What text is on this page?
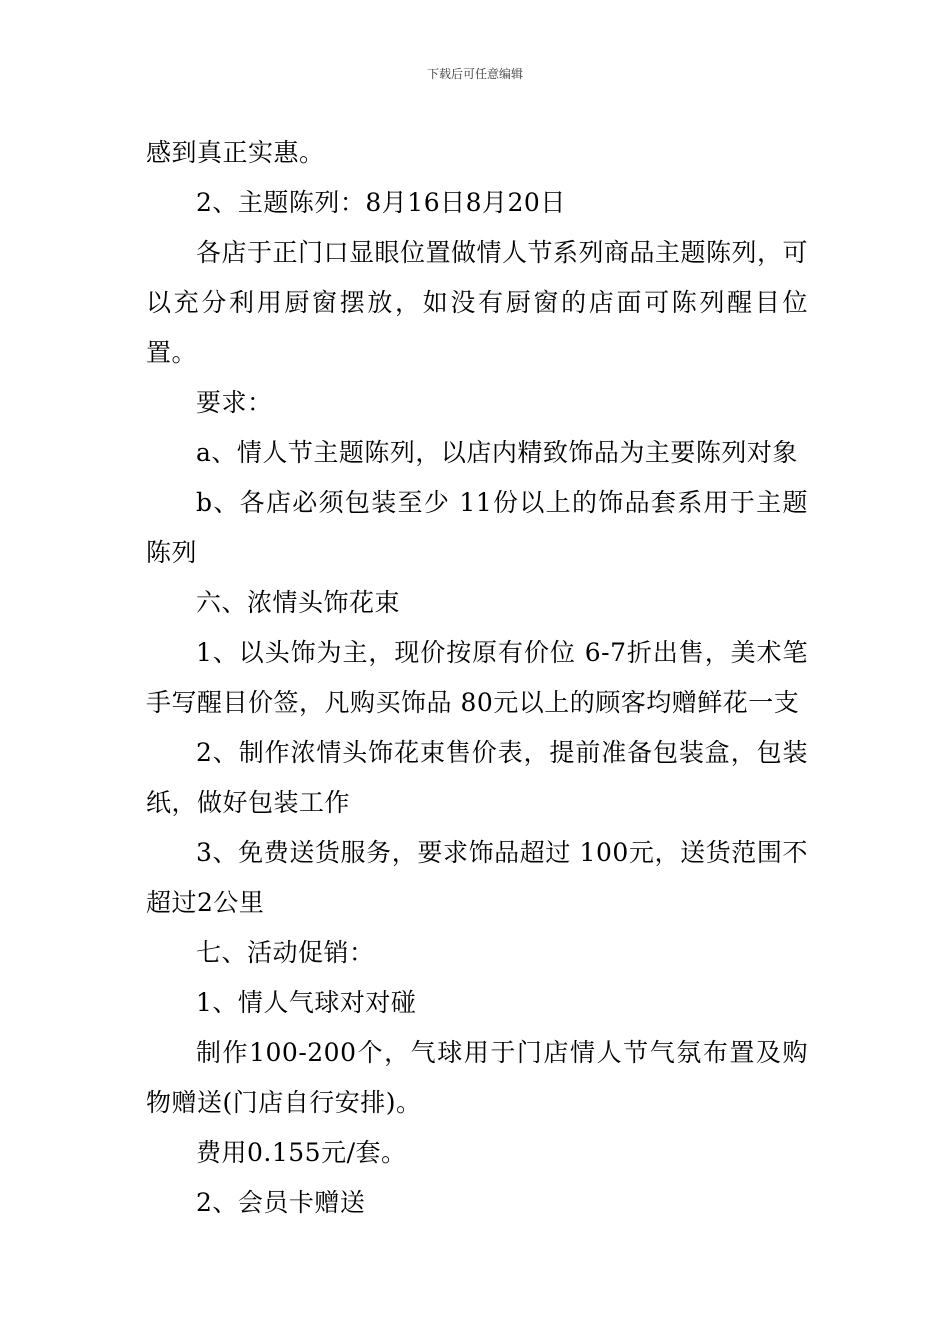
下载后可任意编辑

感到真正实惠。

2、主题陈列：8月16日8月20日

各店于正门口显眼位置做情人节系列商品主题陈列，可以充分利用厨窗摆放，如没有厨窗的店面可陈列醒目位置。

要求：

a、情人节主题陈列，以店内精致饰品为主要陈列对象

b、各店必须包装至少 11份以上的饰品套系用于主题陈列

六、浓情头饰花束

1、以头饰为主，现价按原有价位 6-7折出售，美术笔手写醒目价签，凡购买饰品 80元以上的顾客均赠鲜花一支

2、制作浓情头饰花束售价表，提前准备包装盒，包装纸，做好包装工作

3、免费送货服务，要求饰品超过 100元，送货范围不超过2公里

七、活动促销：

1、情人气球对对碰

制作100-200个，气球用于门店情人节气氛布置及购物赠送(门店自行安排)。

费用0.155元/套。

2、会员卡赠送
